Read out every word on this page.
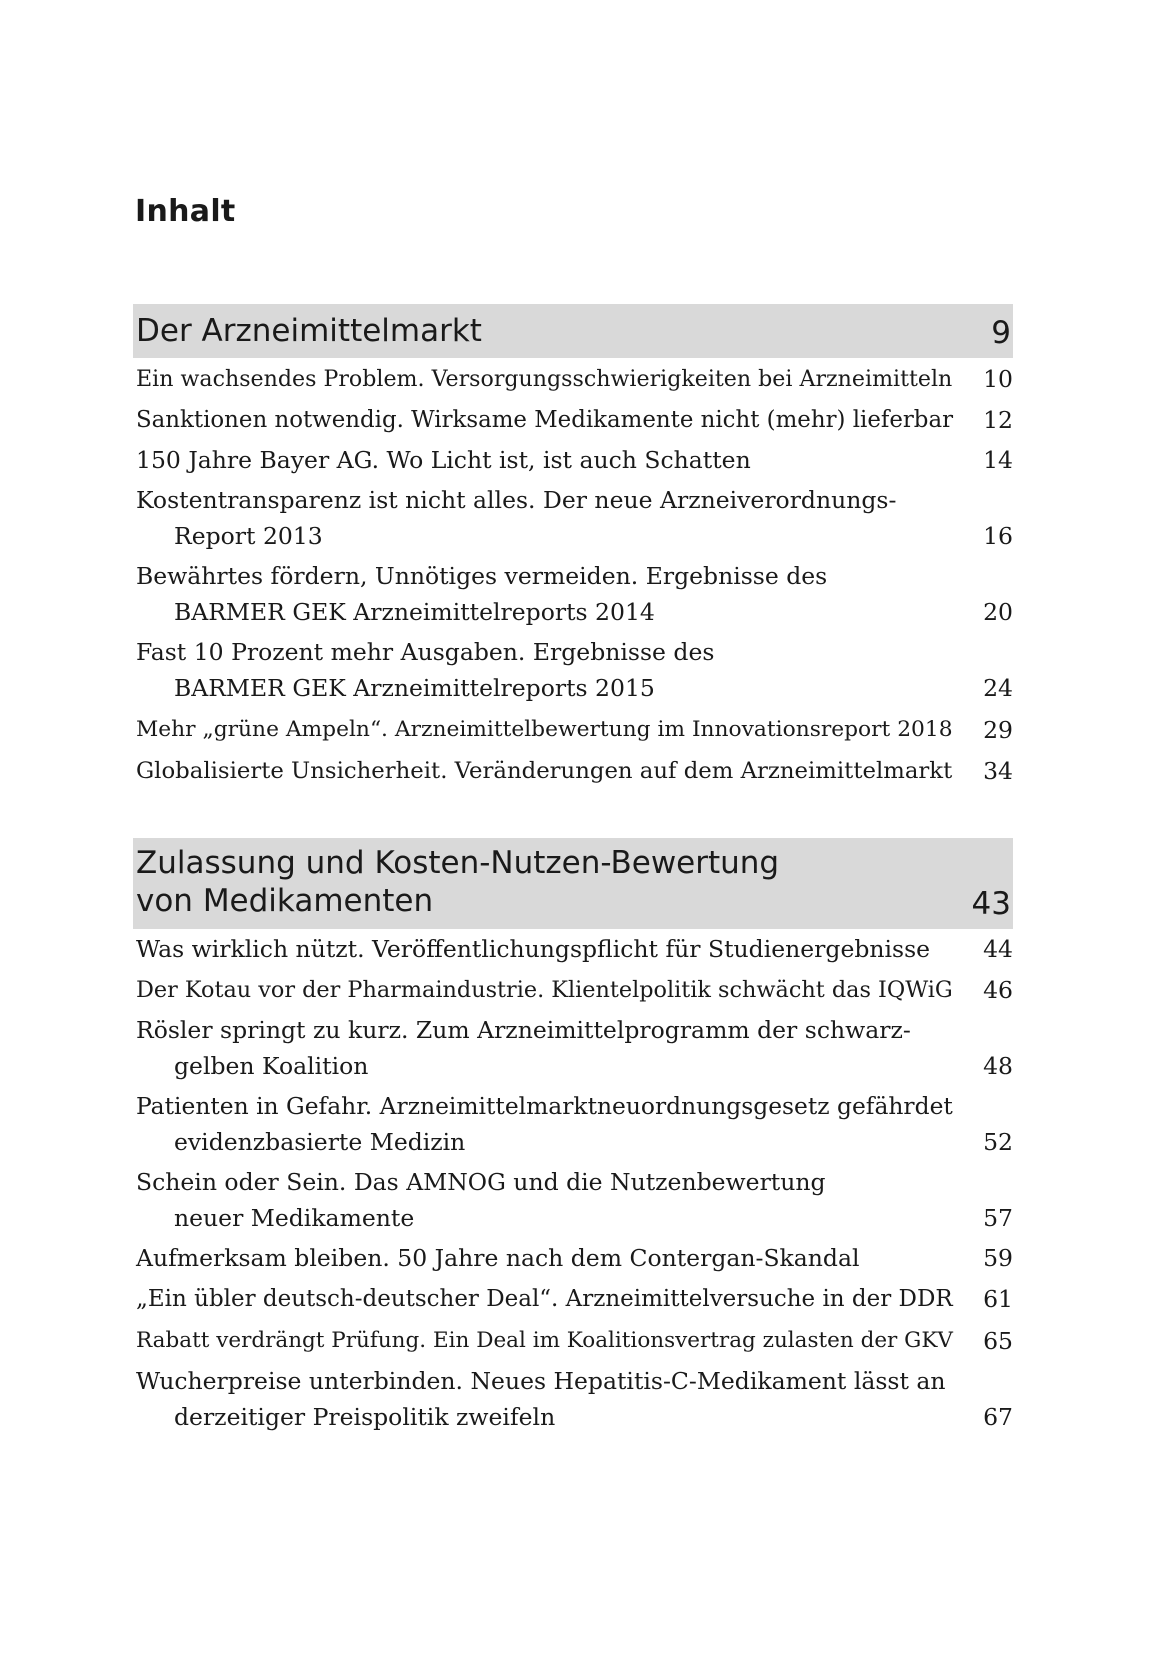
Inhalt
Der Arzneimittelmarkt	9
Ein wachsendes Problem. Versorgungsschwierigkeiten bei Arzneimitteln 10
Sanktionen notwendig. Wirksame Medikamente nicht (mehr) lieferbar 12
150 Jahre Bayer AG. Wo Licht ist, ist auch Schatten	14
Kostentransparenz ist nicht alles. Der neue Arzneiverordnungs-
Report 2013	16
Bewährtes fördern, Unnötiges vermeiden. Ergebnisse des
BARMER GEK Arzneimittelreports 2014	20
Fast 10 Prozent mehr Ausgaben. Ergebnisse des
BARMER GEK Arzneimittelreports 2015	24
Mehr „grüne Ampeln“. Arzneimittelbewertung im Innovationsreport 2018 29
Globalisierte Unsicherheit. Veränderungen auf dem Arzneimittelmarkt 34
Zulassung und Kosten-Nutzen-Bewertung
von Medikamenten	43
Was wirklich nützt. Veröffentlichungspflicht für Studienergebnisse 44
Der Kotau vor der Pharmaindustrie. Klientelpolitik schwächt das IQWiG 46
Rösler springt zu kurz. Zum Arzneimittelprogramm der schwarz-
gelben Koalition	48
Patienten in Gefahr. Arzneimittelmarktneuordnungsgesetz gefährdet
evidenzbasierte Medizin	52
Schein oder Sein. Das AMNOG und die Nutzenbewertung
neuer Medikamente	57
Aufmerksam bleiben. 50 Jahre nach dem Contergan-Skandal	59
„Ein übler deutsch-deutscher Deal“. Arzneimittelversuche in der DDR 61
Rabatt verdrängt Prüfung. Ein Deal im Koalitionsvertrag zulasten der GKV 65
Wucherpreise unterbinden. Neues Hepatitis-C-Medikament lässt an
derzeitiger Preispolitik zweifeln	67
